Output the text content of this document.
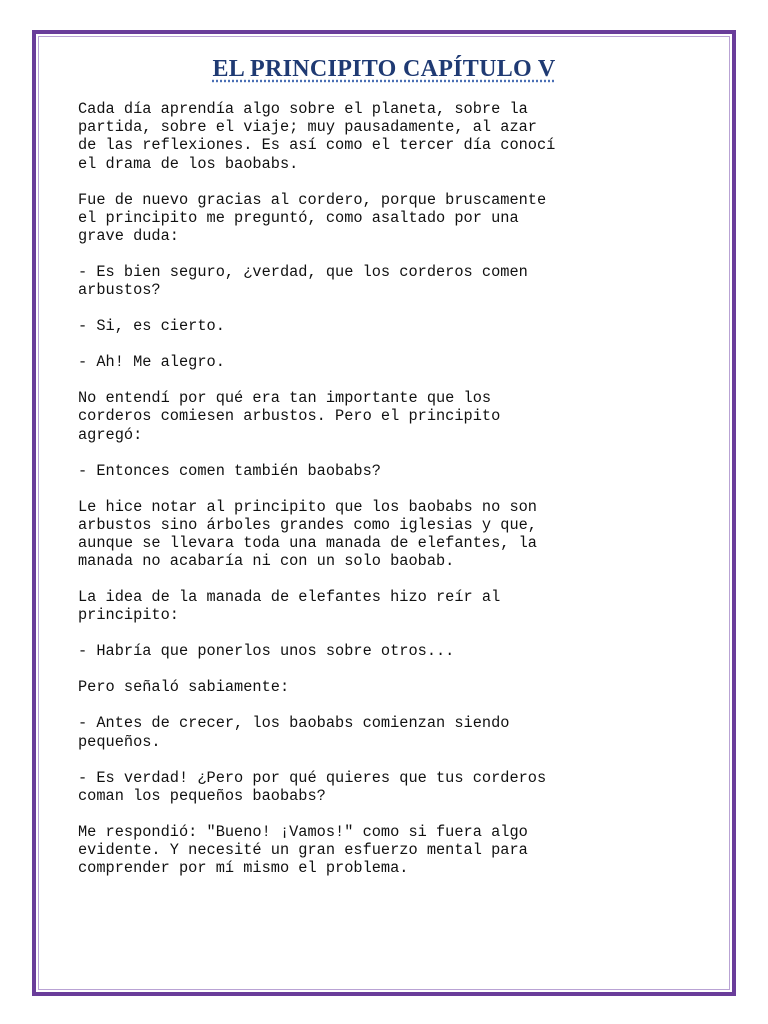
EL PRINCIPITO CAPÍTULO V

Cada día aprendía algo sobre el planeta, sobre la
partida, sobre el viaje; muy pausadamente, al azar
de las reflexiones. Es así como el tercer día conocí
el drama de los baobabs.

Fue de nuevo gracias al cordero, porque bruscamente
el principito me preguntó, como asaltado por una
grave duda:

- Es bien seguro, ¿verdad, que los corderos comen
arbustos?

- Si, es cierto.

- Ah! Me alegro.

No entendí por qué era tan importante que los
corderos comiesen arbustos. Pero el principito
agregó:

- Entonces comen también baobabs?

Le hice notar al principito que los baobabs no son
arbustos sino árboles grandes como iglesias y que,
aunque se llevara toda una manada de elefantes, la
manada no acabaría ni con un solo baobab.

La idea de la manada de elefantes hizo reír al
principito:

- Habría que ponerlos unos sobre otros...

Pero señaló sabiamente:

- Antes de crecer, los baobabs comienzan siendo
pequeños.

- Es verdad! ¿Pero por qué quieres que tus corderos
coman los pequeños baobabs?

Me respondió: "Bueno! ¡Vamos!" como si fuera algo
evidente. Y necesité un gran esfuerzo mental para
comprender por mí mismo el problema.
